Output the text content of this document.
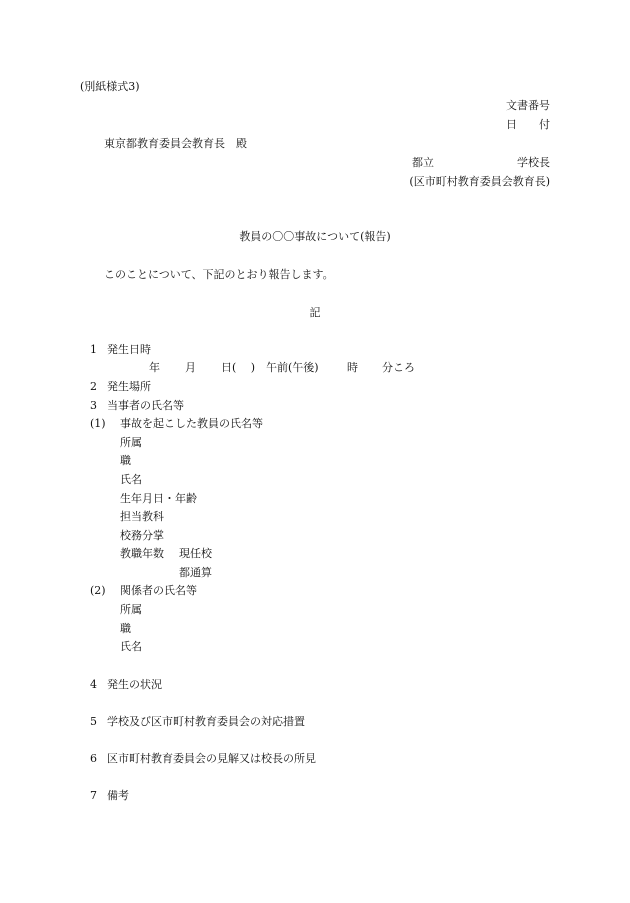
(別紙様式3)
文書番号
日　　付
東京都教育委員会教育長　殿
都立	学校長
(区市町村教育委員会教育長)
教員の〇〇事故について(報告)
このことについて、下記のとおり報告します。
記
1 発生日時
年 月 日( 　) 午前(午後)	時 分ころ
2 発生場所
3 当事者の氏名等
(1) 事故を起こした教員の氏名等
所属
職
氏名
生年月日・年齢
担当教科
校務分掌
教職年数 現任校
都通算
(2) 関係者の氏名等
所属
職
氏名
4 発生の状況
5 学校及び区市町村教育委員会の対応措置
6 区市町村教育委員会の見解又は校長の所見
7 備考
